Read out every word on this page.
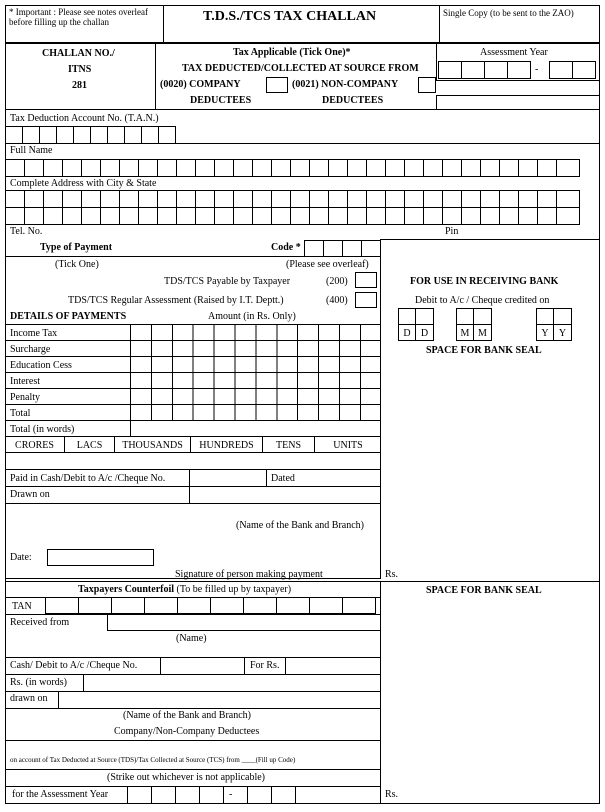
* Important : Please see notes overleaf before filling up the challan	T.D.S./TCS TAX CHALLAN	Single Copy (to be sent to the ZAO)
CHALLAN NO./
ITNS
281
Tax Applicable (Tick One)*
TAX DEDUCTED/COLLECTED AT SOURCE FROM
(0020) COMPANY	(0021) NON-COMPANY
DEDUCTEES	DEDUCTEES
Assessment Year
-
Tax Deduction Account No. (T.A.N.)
Full Name
Complete Address with City & State
Tel. No.	Pin
Type of Payment	Code *
(Tick One)	(Please see overleaf)
TDS/TCS Payable by Taxpayer	(200)
TDS/TCS Regular Assessment (Raised by I.T. Deptt.)	(400)
DETAILS OF PAYMENTS	Amount (in Rs. Only)
Income Tax
Surcharge
Education Cess
Interest
Penalty
Total
Total (in words)
CRORES	LACS	THOUSANDS	HUNDREDS	TENS	UNITS
FOR USE IN RECEIVING BANK
Debit to A/c / Cheque credited on
D	D	M M	Y	Y
SPACE FOR BANK SEAL
Paid in Cash/Debit to A/c /Cheque No.	Dated
Drawn on
(Name of the Bank and Branch)
Date:
Signature of person making payment	Rs.
Taxpayers Counterfoil (To be filled up by taxpayer)	SPACE FOR BANK SEAL
TAN
Received from
(Name)
Cash/ Debit to A/c /Cheque No.	For Rs.
Rs. (in words)
drawn on
(Name of the Bank and Branch)
Company/Non-Company Deductees
on account of Tax Deducted at Source (TDS)/Tax Collected at Source (TCS) from ____(Fill up Code)
(Strike out whichever is not applicable)
for the Assessment Year	-	Rs.
